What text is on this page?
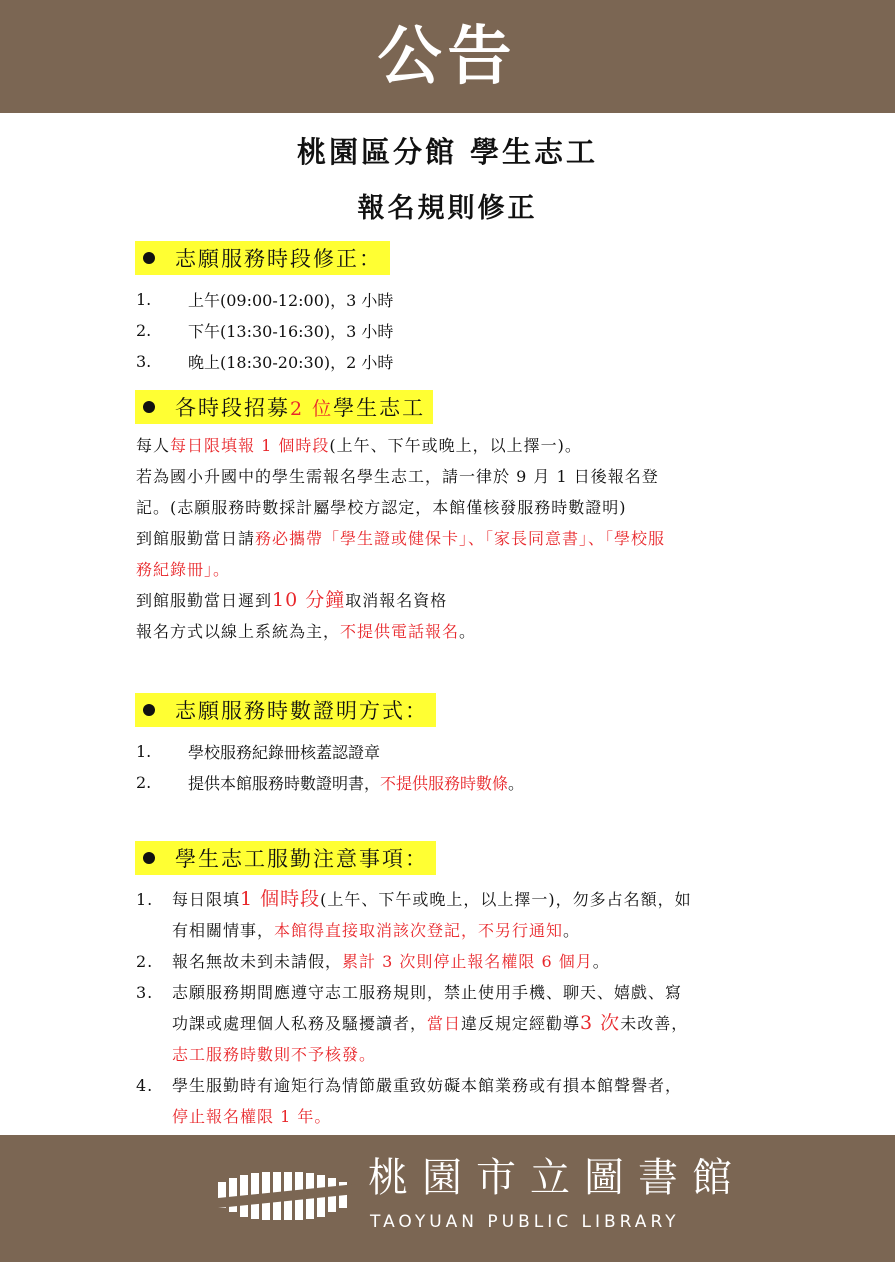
公告
桃園區分館 學生志工
報名規則修正
志願服務時段修正：
1.	上午(09:00-12:00)，3 小時
2.	下午(13:30-16:30)，3 小時
3.	晚上(18:30-20:30)，2 小時
各時段招募2 位學生志工

每人每日限填報 1 個時段(上午、下午或晚上，以上擇一)。

若為國小升國中的學生需報名學生志工，請一律於 9 月 1 日後報名登

記。(志願服務時數採計屬學校方認定，本館僅核發服務時數證明)

到館服勤當日請務必攜帶「學生證或健保卡」、「家長同意書」、「學校服

務紀錄冊」。

到館服勤當日遲到10 分鐘取消報名資格

報名方式以線上系統為主，不提供電話報名。

志願服務時數證明方式：
1.	學校服務紀錄冊核蓋認證章
2.	提供本館服務時數證明書，不提供服務時數條。
學生志工服勤注意事項：
1.	每日限填1 個時段(上午、下午或晚上，以上擇一)，勿多占名額，如
有相關情事，本館得直接取消該次登記，不另行通知。
2.	報名無故未到未請假，累計 3 次則停止報名權限 6 個月。
3.	志願服務期間應遵守志工服務規則，禁止使用手機、聊天、嬉戲、寫
功課或處理個人私務及騷擾讀者，當日違反規定經勸導3 次未改善，
志工服務時數則不予核發。
4.	學生服勤時有逾矩行為情節嚴重致妨礙本館業務或有損本館聲譽者，
停止報名權限 1 年。
桃園市立圖書館
TAOYUAN PUBLIC LIBRARY
